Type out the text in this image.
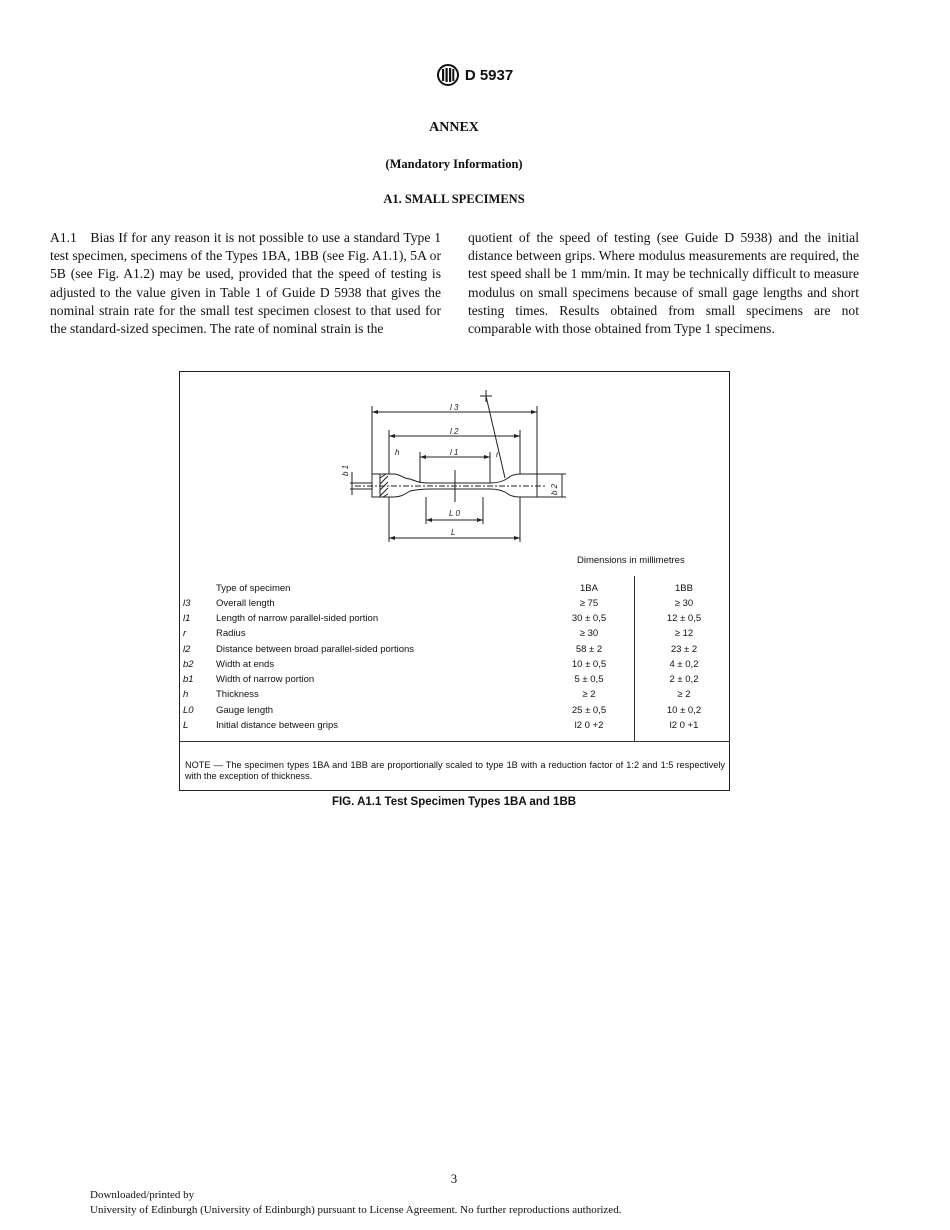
D 5937
ANNEX
(Mandatory Information)
A1. SMALL SPECIMENS
A1.1 Bias If for any reason it is not possible to use a standard Type 1 test specimen, specimens of the Types 1BA, 1BB (see Fig. A1.1), 5A or 5B (see Fig. A1.2) may be used, provided that the speed of testing is adjusted to the value given in Table 1 of Guide D 5938 that gives the nominal strain rate for the small test specimen closest to that used for the standard-sized specimen. The rate of nominal strain is the
quotient of the speed of testing (see Guide D 5938) and the initial distance between grips. Where modulus measurements are required, the test speed shall be 1 mm/min. It may be technically difficult to measure modulus on small specimens because of small gage lengths and short testing times. Results obtained from small specimens are not comparable with those obtained from Type 1 specimens.
l 3
l 2
l 1	r
h
b 1
b 2
L 0
L
Dimensions in millimetres
Type of specimen	1BA	1BB
l3	Overall length	≥ 75	≥ 30
l1	Length of narrow parallel-sided portion	30 ± 0,5	12 ± 0,5
r	Radius	≥ 30	≥ 12
l2	Distance between broad parallel-sided portions	58 ± 2	23 ± 2
b2 Width at ends	10 ± 0,5	4 ± 0,2
b1 Width of narrow portion	5 ± 0,5	2 ± 0,2
h	Thickness	≥ 2	≥ 2
L0 Gauge length	25 ± 0,5	10 ± 0,2
L	Initial distance between grips	l2 0 +2	l2 0 +1
NOTE — The specimen types 1BA and 1BB are proportionally scaled to type 1B with a reduction factor of 1:2 and 1:5 respectively with the exception of thickness.
FIG. A1.1 Test Specimen Types 1BA and 1BB
3
Downloaded/printed by
University of Edinburgh (University of Edinburgh) pursuant to License Agreement. No further reproductions authorized.
